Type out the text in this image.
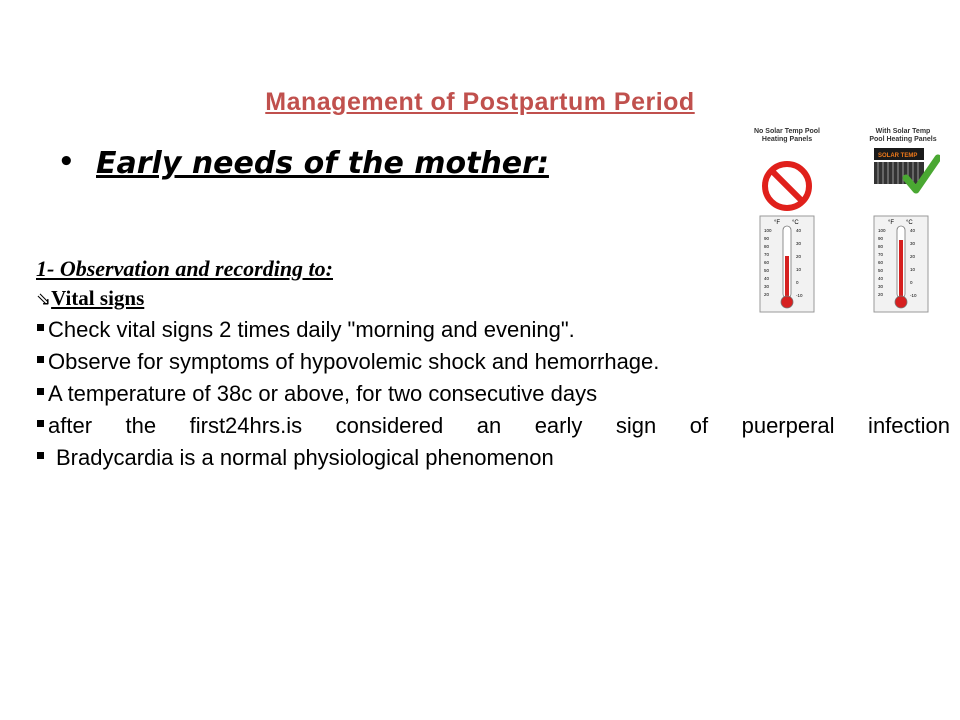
Management of Postpartum Period
• Early needs of the mother:
No Solar Temp Pool
Heating Panels
°F °C
100
90
80
70
60
50
40
30
20
40
30
20
10
0
-10
With Solar Temp
Pool Heating Panels
SOLAR TEMP
°F °C
100
90
80
70
60
50
40
30
20
40
30
20
10
0
-10
1- Observation and recording to:
⇘Vital signs
Check vital signs 2 times daily "morning and evening".
Observe for symptoms of hypovolemic shock and hemorrhage.
A temperature of 38c or above, for two consecutive days
after the first24hrs.is considered an early sign of puerperal infection
Bradycardia is a normal physiological phenomenon
